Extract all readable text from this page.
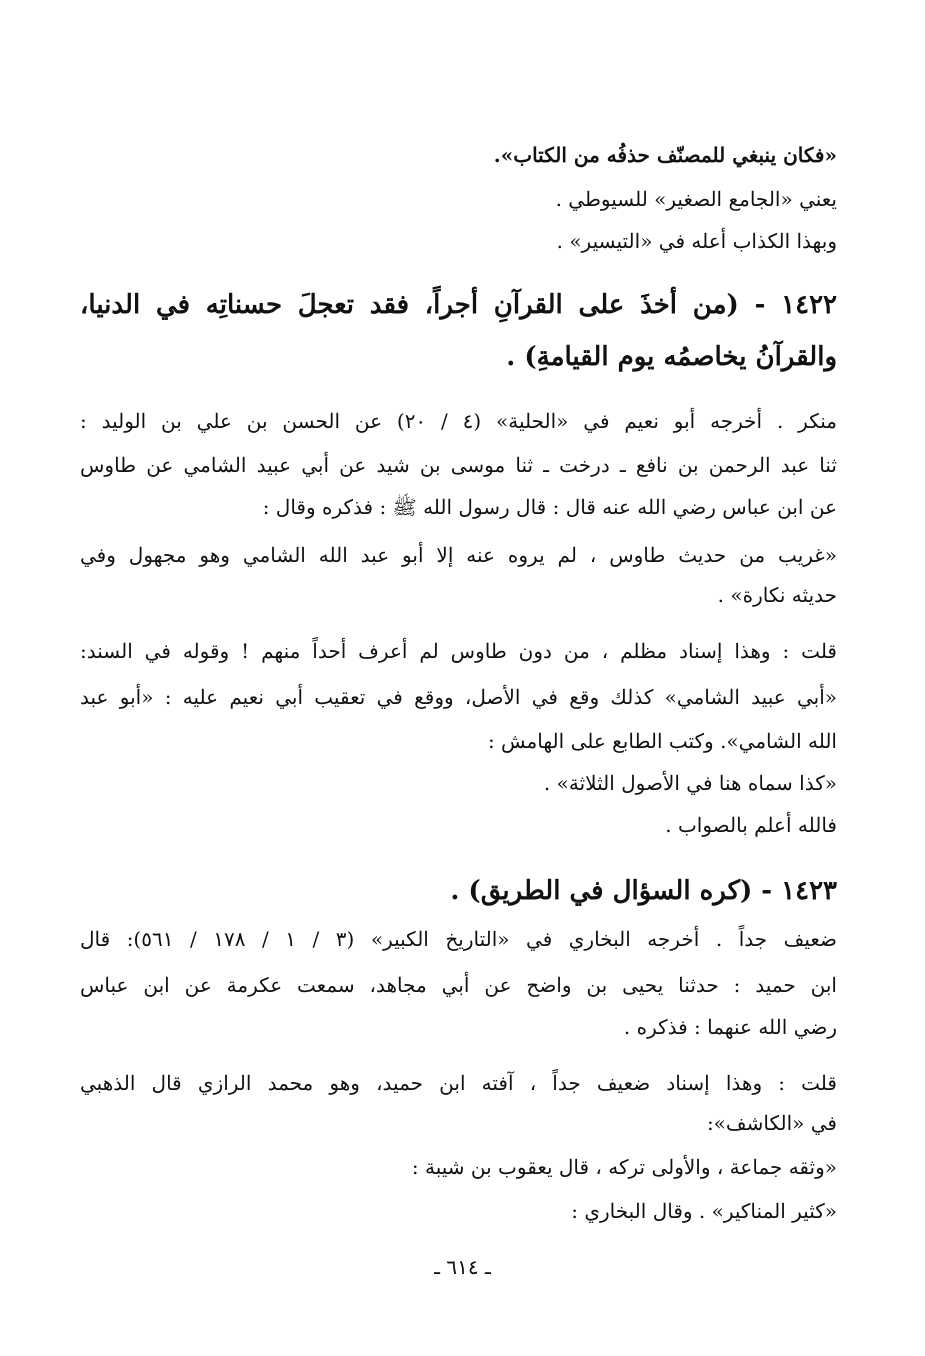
«فكان ينبغي للمصنّف حذفُه من الكتاب».
يعني «الجامع الصغير» للسيوطي .
وبهذا الكذاب أعله في «التيسير» .
١٤٢٢ - (من أخذَ على القرآنِ أجراً، فقد تعجلَ حسناتِه في الدنيا،
والقرآنُ يخاصمُه يوم القيامةِ) .
منكر . أخرجه أبو نعيم في «الحلية» (٤ / ٢٠) عن الحسن بن علي بن الوليد :
ثنا عبد الرحمن بن نافع ـ درخت ـ ثنا موسى بن شيد عن أبي عبيد الشامي عن طاوس
عن ابن عباس رضي الله عنه قال : قال رسول الله ﷺ : فذكره وقال :
«غريب من حديث طاوس ، لم يروه عنه إلا أبو عبد الله الشامي وهو مجهول وفي
حديثه نكارة» .
قلت : وهذا إسناد مظلم ، من دون طاوس لم أعرف أحداً منهم ! وقوله في السند:
«أبي عبيد الشامي» كذلك وقع في الأصل، ووقع في تعقيب أبي نعيم عليه : «أبو عبد
الله الشامي». وكتب الطابع على الهامش :
«كذا سماه هنا في الأصول الثلاثة» .
فالله أعلم بالصواب .
١٤٢٣ - (كره السؤال في الطريق) .
ضعيف جداً . أخرجه البخاري في «التاريخ الكبير» (٣ / ١ / ١٧٨ / ٥٦١): قال
ابن حميد : حدثنا يحيى بن واضح عن أبي مجاهد، سمعت عكرمة عن ابن عباس
رضي الله عنهما : فذكره .
قلت : وهذا إسناد ضعيف جداً ، آفته ابن حميد، وهو محمد الرازي قال الذهبي
في «الكاشف»:
«وثقه جماعة ، والأولى تركه ، قال يعقوب بن شيبة :
«كثير المناكير» . وقال البخاري :
ـ ٦١٤ ـ
